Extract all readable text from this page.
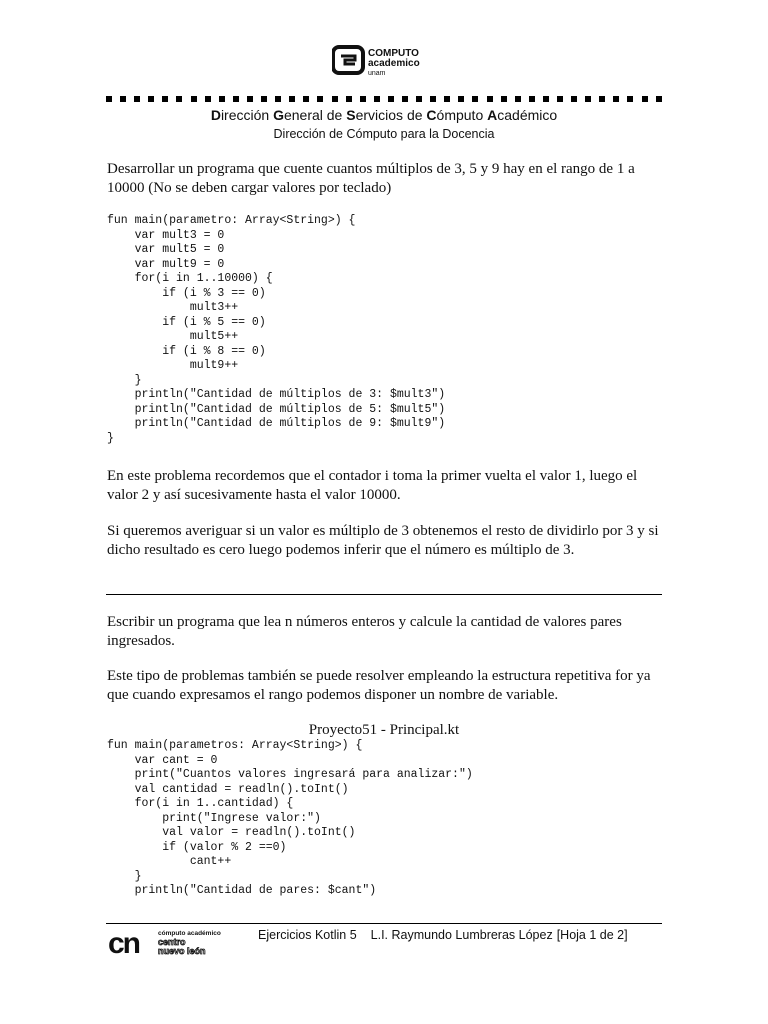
COMPUTO
academico
unam
Dirección General de Servicios de Cómputo Académico
Dirección de Cómputo para la Docencia
Desarrollar un programa que cuente cuantos múltiplos de 3, 5 y 9 hay en el rango de 1 a 10000 (No se deben cargar valores por teclado)
fun main(parametro: Array<String>) {
var mult3 = 0
var mult5 = 0
var mult9 = 0
for(i in 1..10000) {
if (i % 3 == 0)
mult3++
if (i % 5 == 0)
mult5++
if (i % 8 == 0)
mult9++
}
println("Cantidad de múltiplos de 3: $mult3")
println("Cantidad de múltiplos de 5: $mult5")
println("Cantidad de múltiplos de 9: $mult9")
}
En este problema recordemos que el contador i toma la primer vuelta el valor 1, luego el valor 2 y así sucesivamente hasta el valor 10000.
Si queremos averiguar si un valor es múltiplo de 3 obtenemos el resto de dividirlo por 3 y si dicho resultado es cero luego podemos inferir que el número es múltiplo de 3.
Escribir un programa que lea n números enteros y calcule la cantidad de valores pares ingresados.
Este tipo de problemas también se puede resolver empleando la estructura repetitiva for ya que cuando expresamos el rango podemos disponer un nombre de variable.
Proyecto51 - Principal.kt
fun main(parametros: Array<String>) {
var cant = 0
print("Cuantos valores ingresará para analizar:")
val cantidad = readln().toInt()
for(i in 1..cantidad) {
print("Ingrese valor:")
val valor = readln().toInt()
if (valor % 2 ==0)
cant++
}
println("Cantidad de pares: $cant")
cn	cómputo académico
centro
nuevo león
Ejercicios Kotlin 5 L.I. Raymundo Lumbreras López [Hoja 1 de 2]
